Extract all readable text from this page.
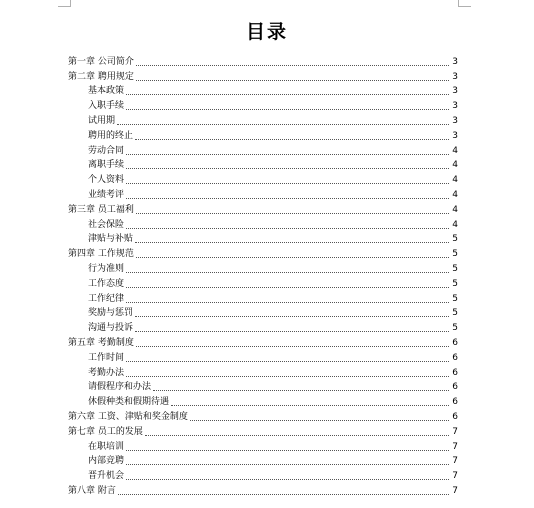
目录
第一章 公司简介	3
第二章 聘用规定	3
基本政策	3
入职手续	3
试用期	3
聘用的终止	3
劳动合同	4
离职手续	4
个人资料	4
业绩考评	4
第三章 员工福利	4
社会保险	4
津贴与补贴	5
第四章 工作规范	5
行为准则	5
工作态度	5
工作纪律	5
奖励与惩罚	5
沟通与投诉	5
第五章 考勤制度	6
工作时间	6
考勤办法	6
请假程序和办法	6
休假种类和假期待遇	6
第六章 工资、津贴和奖金制度	6
第七章 员工的发展	7
在职培训	7
内部竞聘	7
晋升机会	7
第八章 附言	7
